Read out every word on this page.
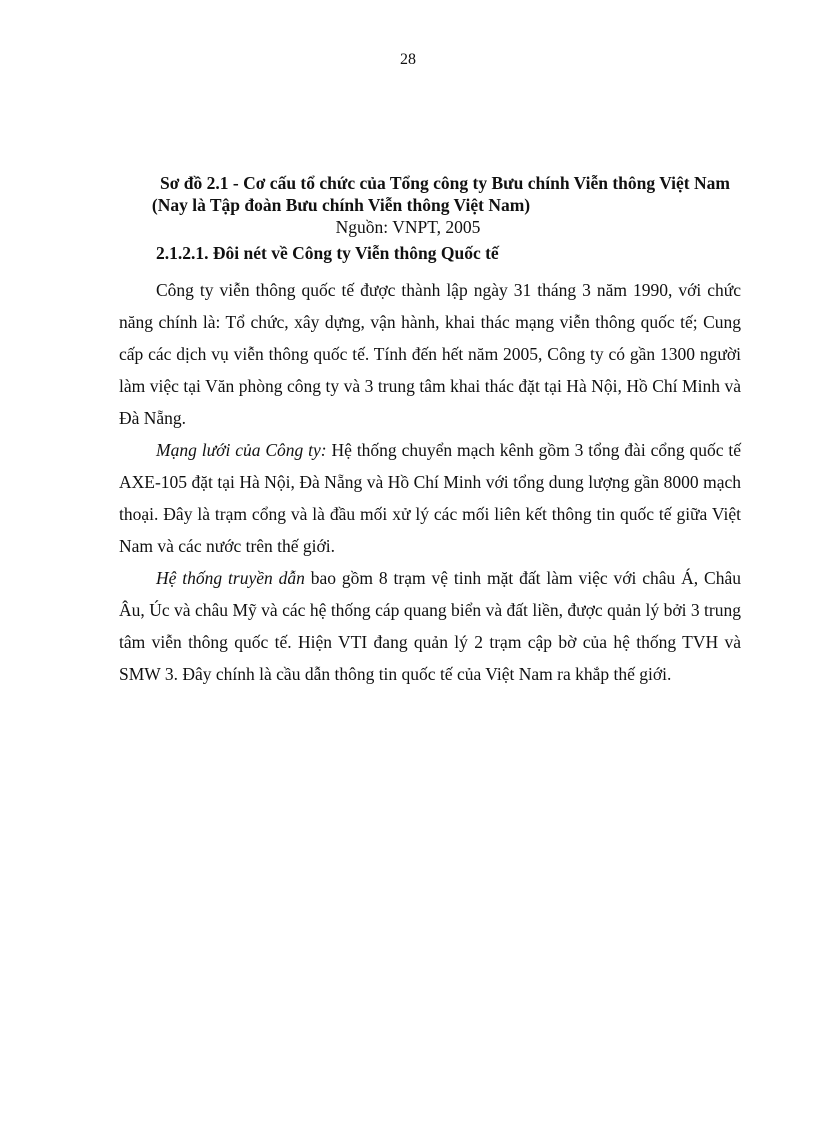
28
Sơ đồ 2.1 - Cơ cấu tổ chức của Tổng công ty Bưu chính Viễn thông Việt Nam
(Nay là Tập đoàn Bưu chính Viễn thông Việt Nam)
Nguồn: VNPT, 2005
2.1.2.1. Đôi nét về Công ty Viễn thông Quốc tế

Công ty viễn thông quốc tế được thành lập ngày 31 tháng 3 năm 1990, với chức năng chính là: Tổ chức, xây dựng, vận hành, khai thác mạng viễn thông quốc tế; Cung cấp các dịch vụ viễn thông quốc tế. Tính đến hết năm 2005, Công ty có gần 1300 người làm việc tại Văn phòng công ty và 3 trung tâm khai thác đặt tại Hà Nội, Hồ Chí Minh và Đà Nẵng.

Mạng lưới của Công ty: Hệ thống chuyển mạch kênh gồm 3 tổng đài cổng quốc tế AXE-105 đặt tại Hà Nội, Đà Nẵng và Hồ Chí Minh với tổng dung lượng gần 8000 mạch thoại. Đây là trạm cổng và là đầu mối xử lý các mối liên kết thông tin quốc tế giữa Việt Nam và các nước trên thế giới.

Hệ thống truyền dẫn bao gồm 8 trạm vệ tinh mặt đất làm việc với châu Á, Châu Âu, Úc và châu Mỹ và các hệ thống cáp quang biển và đất liền, được quản lý bởi 3 trung tâm viễn thông quốc tế. Hiện VTI đang quản lý 2 trạm cập bờ của hệ thống TVH và SMW 3. Đây chính là cầu dẫn thông tin quốc tế của Việt Nam ra khắp thế giới.
